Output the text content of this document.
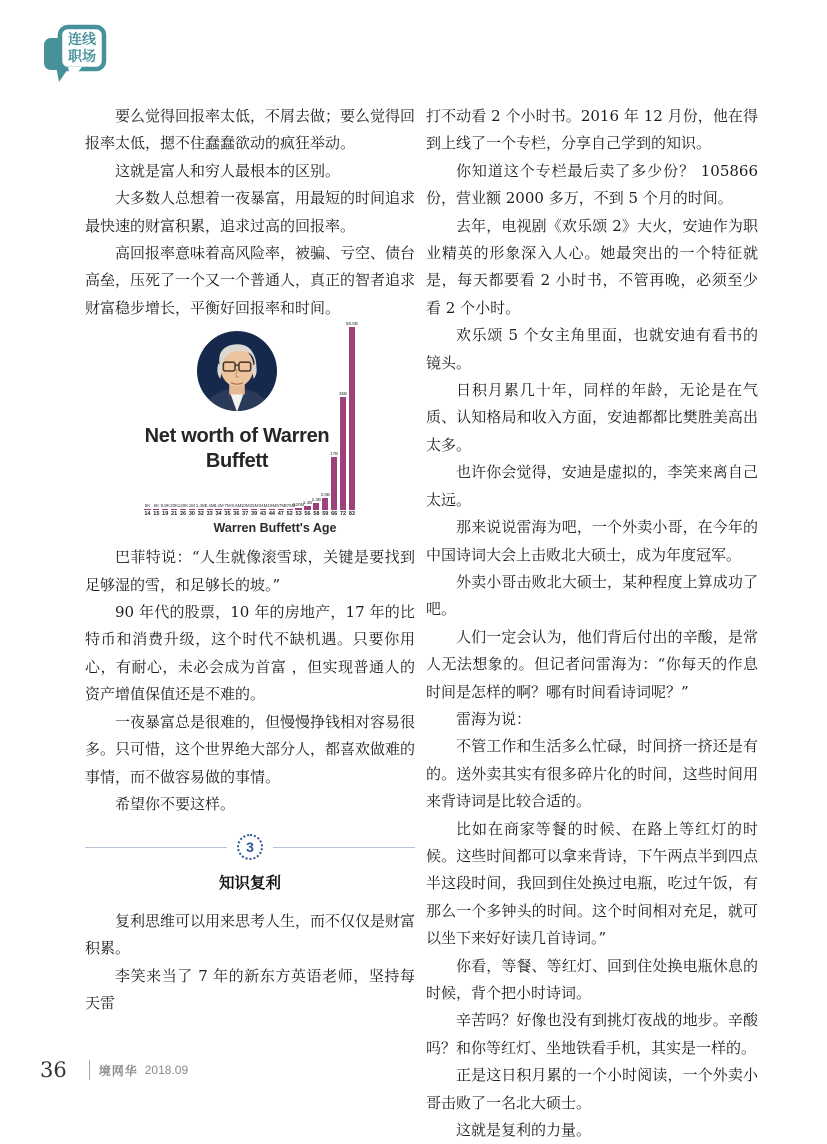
连线
职场

要么觉得回报率太低，不屑去做；要么觉得回报率太低，摁不住蠢蠢欲动的疯狂举动。

这就是富人和穷人最根本的区别。

大多数人总想着一夜暴富，用最短的时间追求最快速的财富积累，追求过高的回报率。

高回报率意味着高风险率，被骗、亏空、债台高垒，压死了一个又一个普通人，真正的智者追求财富稳步增长，平衡好回报率和时间。

Net worth of Warren Buffett
5K
14
6K
15
9.8K
19
20K
21
140K
26
1M
30
1.4M
32
2.4M
33
3.4M
34
7M
35
8.6M
36
10M
37
25M
39
34M
43
19M
44
67M
47
376M
52
620M
53
1.4B
56
2.3B
58
3.8B
59
17B
66
36B
72
58.5B
83
Warren Buffett's Age

巴菲特说：“人生就像滚雪球，关键是要找到足够湿的雪，和足够长的坡。”

90 年代的股票，10 年的房地产，17 年的比特币和消费升级，这个时代不缺机遇。只要你用心，有耐心，未必会成为首富 ，但实现普通人的资产增值保值还是不难的。

一夜暴富总是很难的，但慢慢挣钱相对容易很多。只可惜，这个世界绝大部分人，都喜欢做难的事情，而不做容易做的事情。

希望你不要这样。

3
知识复利

复利思维可以用来思考人生，而不仅仅是财富积累。

李笑来当了 7 年的新东方英语老师，坚持每天雷

打不动看 2 个小时书。2016 年 12 月份，他在得到上线了一个专栏，分享自己学到的知识。

你知道这个专栏最后卖了多少份？ 105866 份，营业额 2000 多万，不到 5 个月的时间。

去年，电视剧《欢乐颂 2》大火，安迪作为职业精英的形象深入人心。她最突出的一个特征就是，每天都要看 2 小时书，不管再晚，必须至少看 2 个小时。

欢乐颂 5 个女主角里面，也就安迪有看书的镜头。

日积月累几十年，同样的年龄，无论是在气质、认知格局和收入方面，安迪都都比樊胜美高出太多。

也许你会觉得，安迪是虚拟的，李笑来离自己太远。

那来说说雷海为吧，一个外卖小哥，在今年的中国诗词大会上击败北大硕士，成为年度冠军。

外卖小哥击败北大硕士，某种程度上算成功了吧。

人们一定会认为，他们背后付出的辛酸，是常人无法想象的。但记者问雷海为：“你每天的作息时间是怎样的啊？哪有时间看诗词呢？”

雷海为说：

不管工作和生活多么忙碌，时间挤一挤还是有的。送外卖其实有很多碎片化的时间，这些时间用来背诗词是比较合适的。

比如在商家等餐的时候、在路上等红灯的时候。这些时间都可以拿来背诗，下午两点半到四点半这段时间，我回到住处换过电瓶，吃过午饭，有那么一个多钟头的时间。这个时间相对充足，就可以坐下来好好读几首诗词。”

你看，等餐、等红灯、回到住处换电瓶休息的时候，背个把小时诗词。

辛苦吗？好像也没有到挑灯夜战的地步。辛酸吗？和你等红灯、坐地铁看手机，其实是一样的。

正是这日积月累的一个小时阅读，一个外卖小哥击败了一名北大硕士。

这就是复利的力量。

36	境网华 2018.09
